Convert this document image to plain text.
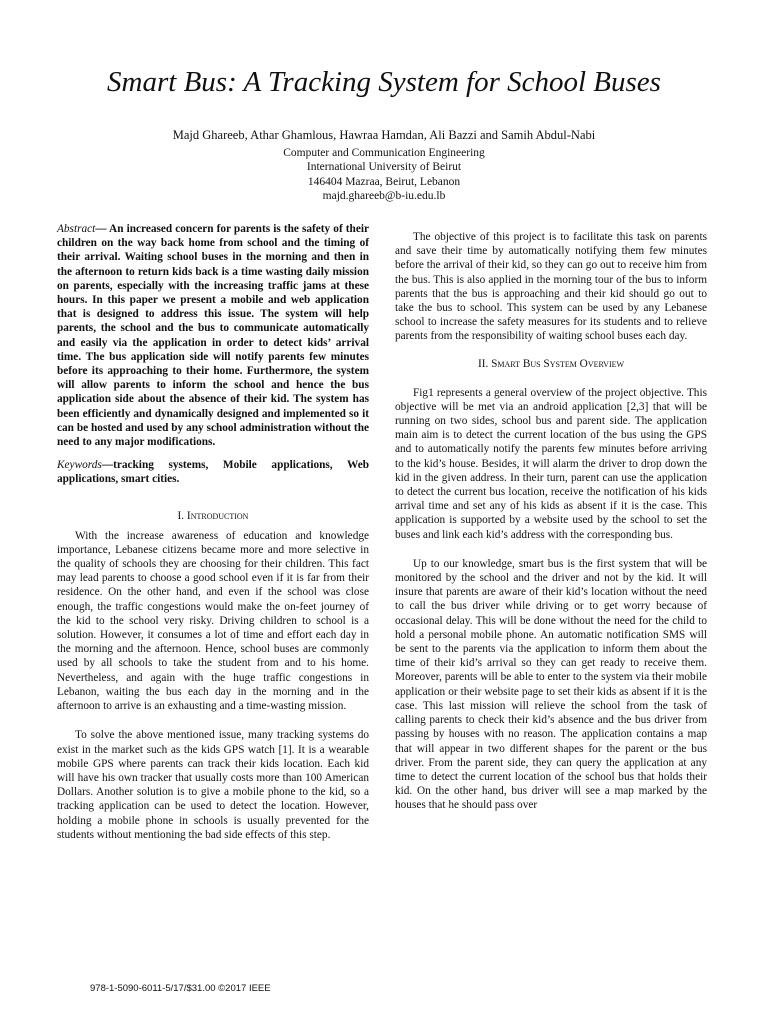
Smart Bus: A Tracking System for School Buses
Majd Ghareeb, Athar Ghamlous, Hawraa Hamdan, Ali Bazzi and Samih Abdul-Nabi
Computer and Communication Engineering
International University of Beirut
146404 Mazraa, Beirut, Lebanon
majd.ghareeb@b-iu.edu.lb

Abstract— An increased concern for parents is the safety of their children on the way back home from school and the timing of their arrival. Waiting school buses in the morning and then in the afternoon to return kids back is a time wasting daily mission on parents, especially with the increasing traffic jams at these hours. In this paper we present a mobile and web application that is designed to address this issue. The system will help parents, the school and the bus to communicate automatically and easily via the application in order to detect kids’ arrival time. The bus application side will notify parents few minutes before its approaching to their home. Furthermore, the system will allow parents to inform the school and hence the bus application side about the absence of their kid. The system has been efficiently and dynamically designed and implemented so it can be hosted and used by any school administration without the need to any major modifications.

Keywords—tracking systems, Mobile applications, Web applications, smart cities.

I. Introduction

With the increase awareness of education and knowledge importance, Lebanese citizens became more and more selective in the quality of schools they are choosing for their children. This fact may lead parents to choose a good school even if it is far from their residence. On the other hand, and even if the school was close enough, the traffic congestions would make the on-feet journey of the kid to the school very risky. Driving children to school is a solution. However, it consumes a lot of time and effort each day in the morning and the afternoon. Hence, school buses are commonly used by all schools to take the student from and to his home. Nevertheless, and again with the huge traffic congestions in Lebanon, waiting the bus each day in the morning and in the afternoon to arrive is an exhausting and a time-wasting mission.

To solve the above mentioned issue, many tracking systems do exist in the market such as the kids GPS watch [1]. It is a wearable mobile GPS where parents can track their kids location. Each kid will have his own tracker that usually costs more than 100 American Dollars. Another solution is to give a mobile phone to the kid, so a tracking application can be used to detect the location. However, holding a mobile phone in schools is usually prevented for the students without mentioning the bad side effects of this step.

The objective of this project is to facilitate this task on parents and save their time by automatically notifying them few minutes before the arrival of their kid, so they can go out to receive him from the bus. This is also applied in the morning tour of the bus to inform parents that the bus is approaching and their kid should go out to take the bus to school. This system can be used by any Lebanese school to increase the safety measures for its students and to relieve parents from the responsibility of waiting school buses each day.

II. Smart Bus System Overview

Fig1 represents a general overview of the project objective. This objective will be met via an android application [2,3] that will be running on two sides, school bus and parent side. The application main aim is to detect the current location of the bus using the GPS and to automatically notify the parents few minutes before arriving to the kid’s house. Besides, it will alarm the driver to drop down the kid in the given address. In their turn, parent can use the application to detect the current bus location, receive the notification of his kids arrival time and set any of his kids as absent if it is the case. This application is supported by a website used by the school to set the buses and link each kid’s address with the corresponding bus.

Up to our knowledge, smart bus is the first system that will be monitored by the school and the driver and not by the kid. It will insure that parents are aware of their kid’s location without the need to call the bus driver while driving or to get worry because of occasional delay. This will be done without the need for the child to hold a personal mobile phone. An automatic notification SMS will be sent to the parents via the application to inform them about the time of their kid’s arrival so they can get ready to receive them. Moreover, parents will be able to enter to the system via their mobile application or their website page to set their kids as absent if it is the case. This last mission will relieve the school from the task of calling parents to check their kid’s absence and the bus driver from passing by houses with no reason. The application contains a map that will appear in two different shapes for the parent or the bus driver. From the parent side, they can query the application at any time to detect the current location of the school bus that holds their kid. On the other hand, bus driver will see a map marked by the houses that he should pass over

978-1-5090-6011-5/17/$31.00 ©2017 IEEE
